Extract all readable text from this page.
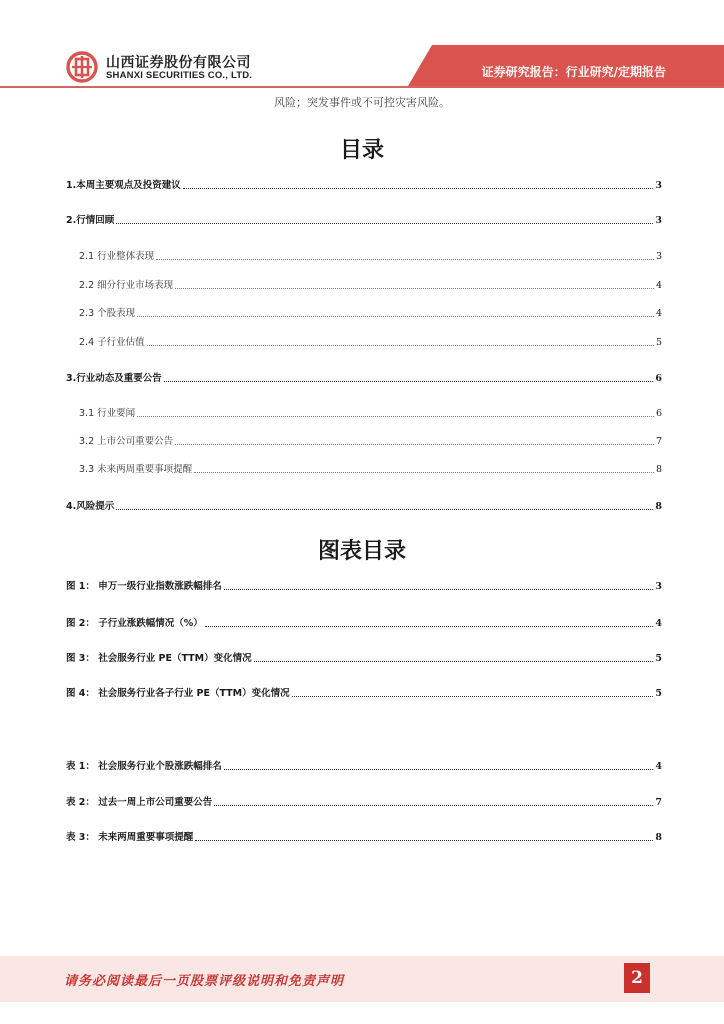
山西证券股份有限公司
SHANXI SECURITIES CO., LTD.	证券研究报告：行业研究/定期报告
风险；突发事件或不可控灾害风险。
目录
1.本周主要观点及投资建议	3
2.行情回顾	3
2.1 行业整体表现	3
2.2 细分行业市场表现	4
2.3 个股表现	4
2.4 子行业估值	5
3.行业动态及重要公告	6
3.1 行业要闻	6
3.2 上市公司重要公告	7
3.3 未来两周重要事项提醒	8
4.风险提示	8
图表目录
图 1： 申万一级行业指数涨跌幅排名	3
图 2： 子行业涨跌幅情况（%）	4
图 3： 社会服务行业 PE（TTM）变化情况	5
图 4： 社会服务行业各子行业 PE（TTM）变化情况	5
表 1： 社会服务行业个股涨跌幅排名	4
表 2： 过去一周上市公司重要公告	7
表 3： 未来两周重要事项提醒	8
请务必阅读最后一页股票评级说明和免责声明	2
